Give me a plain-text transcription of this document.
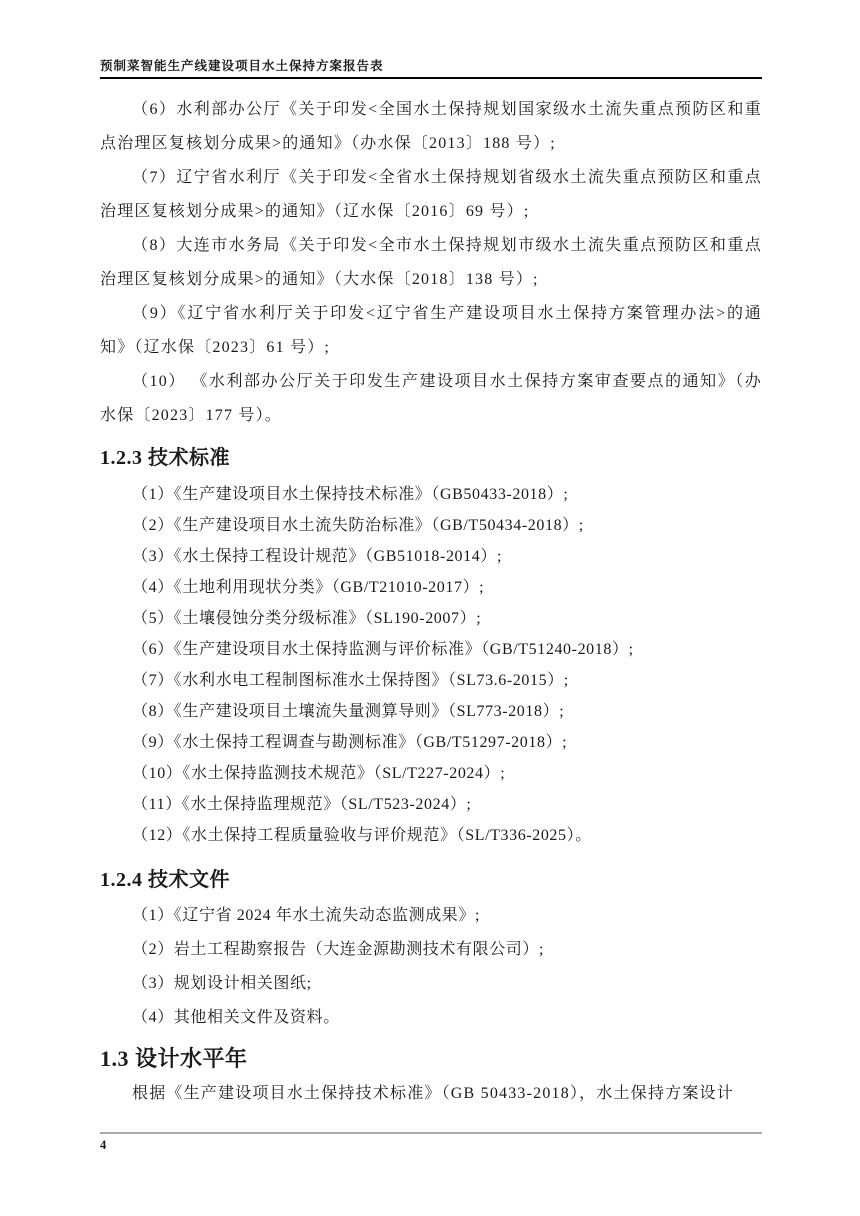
预制菜智能生产线建设项目水土保持方案报告表

（6）水利部办公厅《关于印发<全国水土保持规划国家级水土流失重点预防区和重点治理区复核划分成果>的通知》（办水保〔2013〕188 号）;

（7）辽宁省水利厅《关于印发<全省水土保持规划省级水土流失重点预防区和重点治理区复核划分成果>的通知》（辽水保〔2016〕69 号）;

（8）大连市水务局《关于印发<全市水土保持规划市级水土流失重点预防区和重点治理区复核划分成果>的通知》（大水保〔2018〕138 号）;

（9）《辽宁省水利厅关于印发<辽宁省生产建设项目水土保持方案管理办法>的通知》（辽水保〔2023〕61 号）;

（10） 《水利部办公厅关于印发生产建设项目水土保持方案审查要点的通知》（办水保〔2023〕177 号）。

1.2.3 技术标准

（1）《生产建设项目水土保持技术标准》（GB50433-2018）;

（2）《生产建设项目水土流失防治标准》（GB/T50434-2018）;

（3）《水土保持工程设计规范》（GB51018-2014）;

（4）《土地利用现状分类》（GB/T21010-2017）;

（5）《土壤侵蚀分类分级标准》（SL190-2007）;

（6）《生产建设项目水土保持监测与评价标准》（GB/T51240-2018）;

（7）《水利水电工程制图标准水土保持图》（SL73.6-2015）;

（8）《生产建设项目土壤流失量测算导则》（SL773-2018）;

（9）《水土保持工程调查与勘测标准》（GB/T51297-2018）;

（10）《水土保持监测技术规范》（SL/T227-2024）;

（11）《水土保持监理规范》（SL/T523-2024）;

（12）《水土保持工程质量验收与评价规范》（SL/T336-2025）。

1.2.4 技术文件

（1）《辽宁省 2024 年水土流失动态监测成果》;

（2）岩土工程勘察报告（大连金源勘测技术有限公司）;

（3）规划设计相关图纸;

（4）其他相关文件及资料。

1.3 设计水平年

根据《生产建设项目水土保持技术标准》（GB 50433-2018），水土保持方案设计

4
